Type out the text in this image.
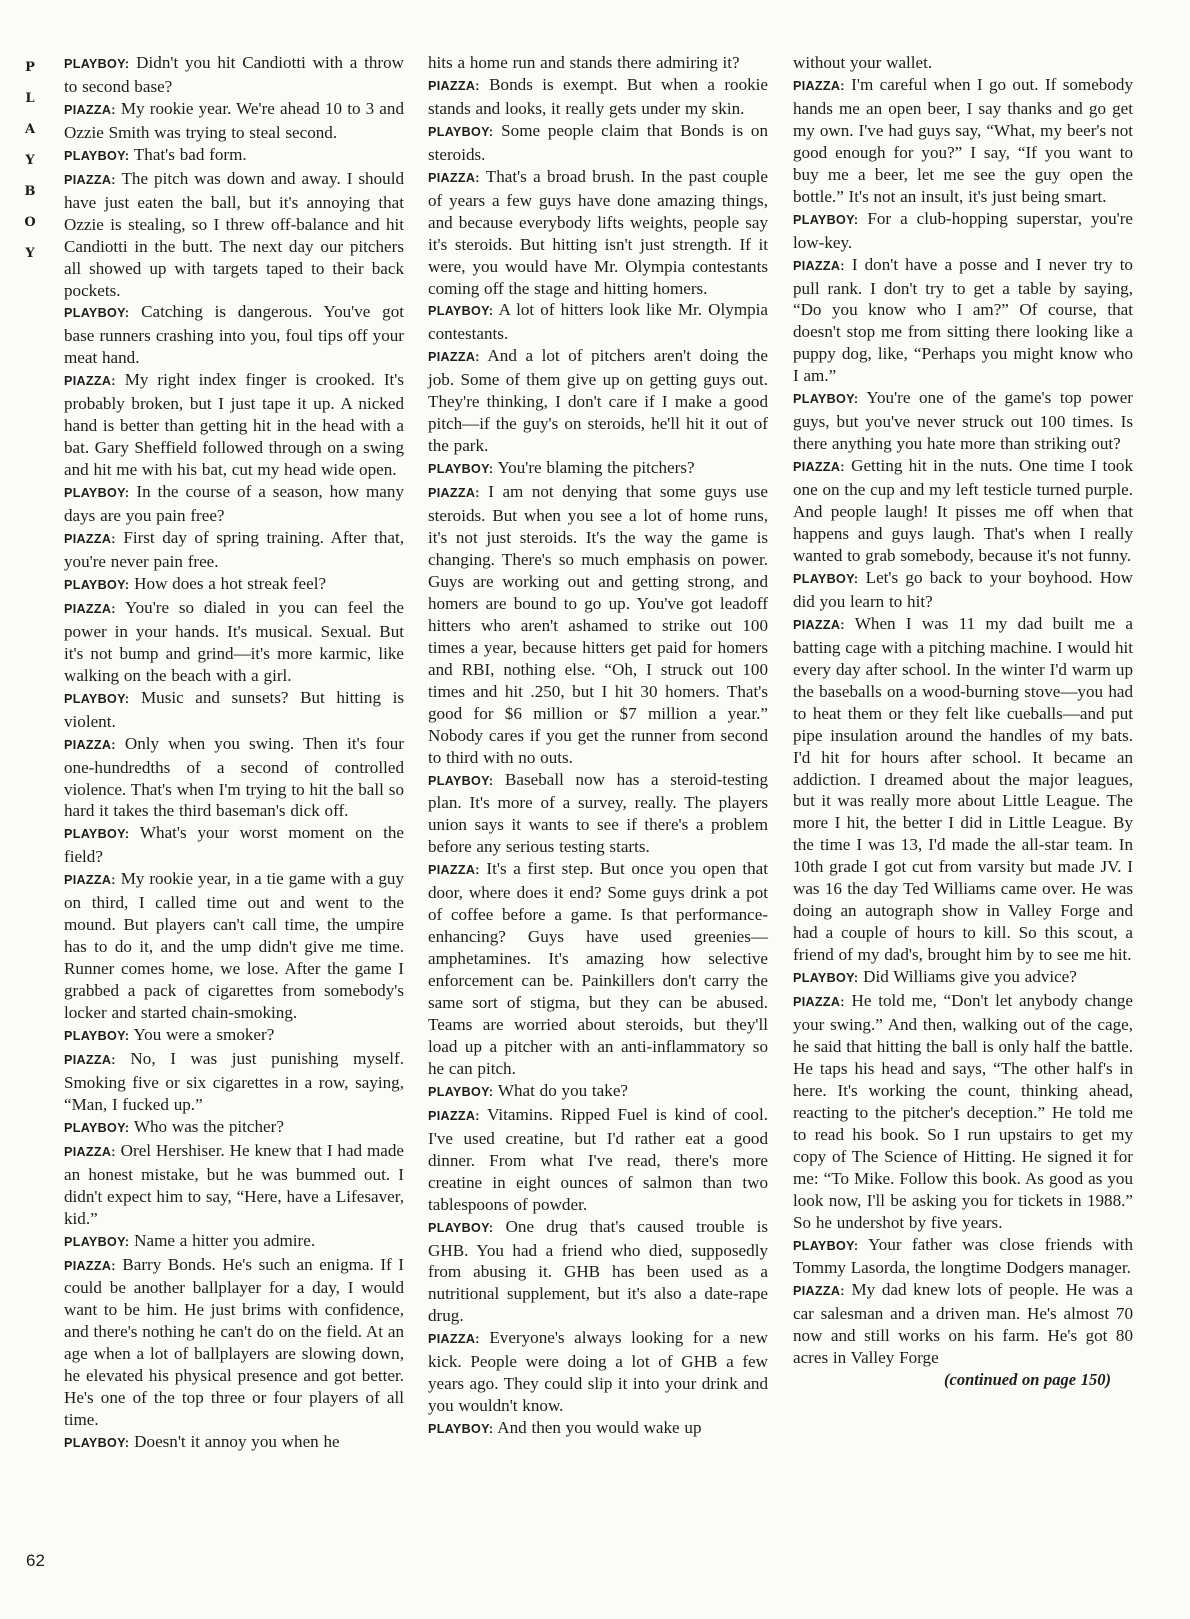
P
L
A
Y
B
O
Y

PLAYBOY: Didn't you hit Candiotti with a throw to second base?

PIAZZA: My rookie year. We're ahead 10 to 3 and Ozzie Smith was trying to steal second.

PLAYBOY: That's bad form.

PIAZZA: The pitch was down and away. I should have just eaten the ball, but it's annoying that Ozzie is stealing, so I threw off-balance and hit Candiotti in the butt. The next day our pitchers all showed up with targets taped to their back pockets.

PLAYBOY: Catching is dangerous. You've got base runners crashing into you, foul tips off your meat hand.

PIAZZA: My right index finger is crooked. It's probably broken, but I just tape it up. A nicked hand is better than getting hit in the head with a bat. Gary Sheffield followed through on a swing and hit me with his bat, cut my head wide open.

PLAYBOY: In the course of a season, how many days are you pain free?

PIAZZA: First day of spring training. After that, you're never pain free.

PLAYBOY: How does a hot streak feel?

PIAZZA: You're so dialed in you can feel the power in your hands. It's musical. Sexual. But it's not bump and grind—it's more karmic, like walking on the beach with a girl.

PLAYBOY: Music and sunsets? But hitting is violent.

PIAZZA: Only when you swing. Then it's four one-hundredths of a second of controlled violence. That's when I'm trying to hit the ball so hard it takes the third baseman's dick off.

PLAYBOY: What's your worst moment on the field?

PIAZZA: My rookie year, in a tie game with a guy on third, I called time out and went to the mound. But players can't call time, the umpire has to do it, and the ump didn't give me time. Runner comes home, we lose. After the game I grabbed a pack of cigarettes from somebody's locker and started chain-smoking.

PLAYBOY: You were a smoker?

PIAZZA: No, I was just punishing myself. Smoking five or six cigarettes in a row, saying, “Man, I fucked up.”

PLAYBOY: Who was the pitcher?

PIAZZA: Orel Hershiser. He knew that I had made an honest mistake, but he was bummed out. I didn't expect him to say, “Here, have a Lifesaver, kid.”

PLAYBOY: Name a hitter you admire.

PIAZZA: Barry Bonds. He's such an enigma. If I could be another ballplayer for a day, I would want to be him. He just brims with confidence, and there's nothing he can't do on the field. At an age when a lot of ballplayers are slowing down, he elevated his physical presence and got better. He's one of the top three or four players of all time.

PLAYBOY: Doesn't it annoy you when he

hits a home run and stands there admiring it?

PIAZZA: Bonds is exempt. But when a rookie stands and looks, it really gets under my skin.

PLAYBOY: Some people claim that Bonds is on steroids.

PIAZZA: That's a broad brush. In the past couple of years a few guys have done amazing things, and because everybody lifts weights, people say it's steroids. But hitting isn't just strength. If it were, you would have Mr. Olympia contestants coming off the stage and hitting homers.

PLAYBOY: A lot of hitters look like Mr. Olympia contestants.

PIAZZA: And a lot of pitchers aren't doing the job. Some of them give up on getting guys out. They're thinking, I don't care if I make a good pitch—if the guy's on steroids, he'll hit it out of the park.

PLAYBOY: You're blaming the pitchers?

PIAZZA: I am not denying that some guys use steroids. But when you see a lot of home runs, it's not just steroids. It's the way the game is changing. There's so much emphasis on power. Guys are working out and getting strong, and homers are bound to go up. You've got leadoff hitters who aren't ashamed to strike out 100 times a year, because hitters get paid for homers and RBI, nothing else. “Oh, I struck out 100 times and hit .250, but I hit 30 homers. That's good for $6 million or $7 million a year.” Nobody cares if you get the runner from second to third with no outs.

PLAYBOY: Baseball now has a steroid-testing plan. It's more of a survey, really. The players union says it wants to see if there's a problem before any serious testing starts.

PIAZZA: It's a first step. But once you open that door, where does it end? Some guys drink a pot of coffee before a game. Is that performance-enhancing? Guys have used greenies—amphetamines. It's amazing how selective enforcement can be. Painkillers don't carry the same sort of stigma, but they can be abused. Teams are worried about steroids, but they'll load up a pitcher with an anti-inflammatory so he can pitch.

PLAYBOY: What do you take?

PIAZZA: Vitamins. Ripped Fuel is kind of cool. I've used creatine, but I'd rather eat a good dinner. From what I've read, there's more creatine in eight ounces of salmon than two tablespoons of powder.

PLAYBOY: One drug that's caused trouble is GHB. You had a friend who died, supposedly from abusing it. GHB has been used as a nutritional supplement, but it's also a date-rape drug.

PIAZZA: Everyone's always looking for a new kick. People were doing a lot of GHB a few years ago. They could slip it into your drink and you wouldn't know.

PLAYBOY: And then you would wake up

without your wallet.

PIAZZA: I'm careful when I go out. If somebody hands me an open beer, I say thanks and go get my own. I've had guys say, “What, my beer's not good enough for you?” I say, “If you want to buy me a beer, let me see the guy open the bottle.” It's not an insult, it's just being smart.

PLAYBOY: For a club-hopping superstar, you're low-key.

PIAZZA: I don't have a posse and I never try to pull rank. I don't try to get a table by saying, “Do you know who I am?” Of course, that doesn't stop me from sitting there looking like a puppy dog, like, “Perhaps you might know who I am.”

PLAYBOY: You're one of the game's top power guys, but you've never struck out 100 times. Is there anything you hate more than striking out?

PIAZZA: Getting hit in the nuts. One time I took one on the cup and my left testicle turned purple. And people laugh! It pisses me off when that happens and guys laugh. That's when I really wanted to grab somebody, because it's not funny.

PLAYBOY: Let's go back to your boyhood. How did you learn to hit?

PIAZZA: When I was 11 my dad built me a batting cage with a pitching machine. I would hit every day after school. In the winter I'd warm up the baseballs on a wood-burning stove—you had to heat them or they felt like cueballs—and put pipe insulation around the handles of my bats. I'd hit for hours after school. It became an addiction. I dreamed about the major leagues, but it was really more about Little League. The more I hit, the better I did in Little League. By the time I was 13, I'd made the all-star team. In 10th grade I got cut from varsity but made JV. I was 16 the day Ted Williams came over. He was doing an autograph show in Valley Forge and had a couple of hours to kill. So this scout, a friend of my dad's, brought him by to see me hit.

PLAYBOY: Did Williams give you advice?

PIAZZA: He told me, “Don't let anybody change your swing.” And then, walking out of the cage, he said that hitting the ball is only half the battle. He taps his head and says, “The other half's in here. It's working the count, thinking ahead, reacting to the pitcher's deception.” He told me to read his book. So I run upstairs to get my copy of The Science of Hitting. He signed it for me: “To Mike. Follow this book. As good as you look now, I'll be asking you for tickets in 1988.” So he undershot by five years.

PLAYBOY: Your father was close friends with Tommy Lasorda, the longtime Dodgers manager.

PIAZZA: My dad knew lots of people. He was a car salesman and a driven man. He's almost 70 now and still works on his farm. He's got 80 acres in Valley Forge

(continued on page 150)

62
